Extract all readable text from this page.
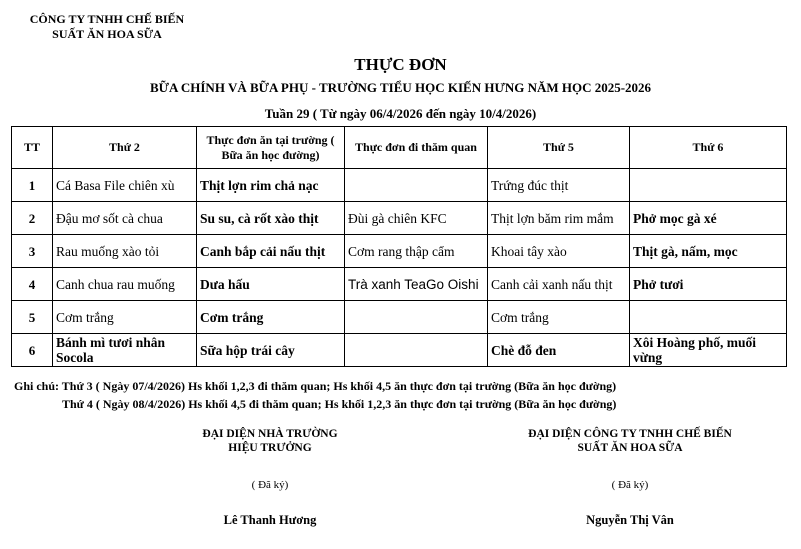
CÔNG TY TNHH CHẾ BIẾN
SUẤT ĂN HOA SỮA
THỰC ĐƠN
BỮA CHÍNH VÀ BỮA PHỤ - TRƯỜNG TIỂU HỌC KIẾN HƯNG NĂM HỌC 2025-2026
Tuần 29 ( Từ ngày 06/4/2026 đến ngày 10/4/2026)
TT	Thứ 2	Thực đơn ăn tại trường ( Bữa ăn học đường)	Thực đơn đi thăm quan	Thứ 5	Thứ 6
1	Cá Basa File chiên xù	Thịt lợn rim chả nạc		Trứng đúc thịt	
2	Đậu mơ sốt cà chua	Su su, cà rốt xào thịt	Đùi gà chiên KFC	Thịt lợn băm rim mắm	Phở mọc gà xé
3	Rau muống xào tỏi	Canh bắp cải nấu thịt	Cơm rang thập cẩm	Khoai tây xào	Thịt gà, nấm, mọc
4	Canh chua rau muống	Dưa hấu	Trà xanh TeaGo Oishi	Canh cải xanh nấu thịt	Phở tươi
5	Cơm trắng	Cơm trắng		Cơm trắng	
6	Bánh mì tươi nhân Socola	Sữa hộp trái cây		Chè đỗ đen	Xôi Hoàng phố, muối vừng
Ghi chú: Thứ 3 ( Ngày 07/4/2026) Hs khối 1,2,3 đi thăm quan; Hs khối 4,5 ăn thực đơn tại trường (Bữa ăn học đường)
Thứ 4 ( Ngày 08/4/2026) Hs khối 4,5 đi thăm quan; Hs khối 1,2,3 ăn thực đơn tại trường (Bữa ăn học đường)
ĐẠI DIỆN NHÀ TRƯỜNG
HIỆU TRƯỞNG
( Đã ký)
Lê Thanh Hương
ĐẠI DIỆN CÔNG TY TNHH CHẾ BIẾN
SUẤT ĂN HOA SỮA
( Đã ký)
Nguyễn Thị Vân
